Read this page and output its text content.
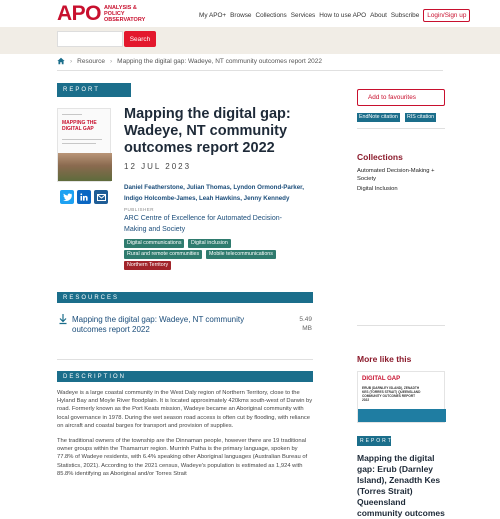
APO ANALYSIS & POLICY OBSERVATORY
My APO+ Browse Collections Services How to use APO About Subscribe	Login/Sign up
Search
› Resource › Mapping the digital gap: Wadeye, NT community outcomes report 2022
REPORT
MAPPING THE DIGITAL GAP
Mapping the digital gap: Wadeye, NT community outcomes report 2022
12 JUL 2023
Daniel Featherstone, Julian Thomas, Lyndon Ormond-Parker, Indigo Holcombe-James, Leah Hawkins, Jenny Kennedy
PUBLISHER
ARC Centre of Excellence for Automated Decision-Making and Society
Digital communications	Digital inclusion
Rural and remote communities	Mobile telecommunications
Northern Territory
RESOURCES
Mapping the digital gap: Wadeye, NT community outcomes report 2022
5.49 MB
DESCRIPTION

Wadeye is a large coastal community in the West Daly region of Northern Territory, close to the Hyland Bay and Moyle River floodplain. It is located approximately 420kms south-west of Darwin by road. Formerly known as the Port Keats mission, Wadeye became an Aboriginal community with local governance in 1978. During the wet season road access is often cut by flooding, with reliance on aircraft and coastal barges for transport and provision of supplies.

The traditional owners of the township are the Dinnaman people, however there are 19 traditional owner groups within the Thamarrurr region. Murrinh Patha is the primary language, spoken by 77.8% of Wadeye residents, with 6.4% speaking other Aboriginal languages (Australian Bureau of Statistics, 2021). According to the 2021 census, Wadeye's population is estimated as 1,924 with 85.8% identifying as Aboriginal and/or Torres Strait

Add to favourites
EndNote citation	RIS citation
Collections
Automated Decision-Making + Society
Digital Inclusion
More like this
DIGITAL GAP
ERUB (DARNLEY ISLAND), ZENADTH KES (TORRES STRAIT) QUEENSLAND COMMUNITY OUTCOMES REPORT 2022
REPORT
Mapping the digital gap: Erub (Darnley Island), Zenadth Kes (Torres Strait) Queensland community outcomes
